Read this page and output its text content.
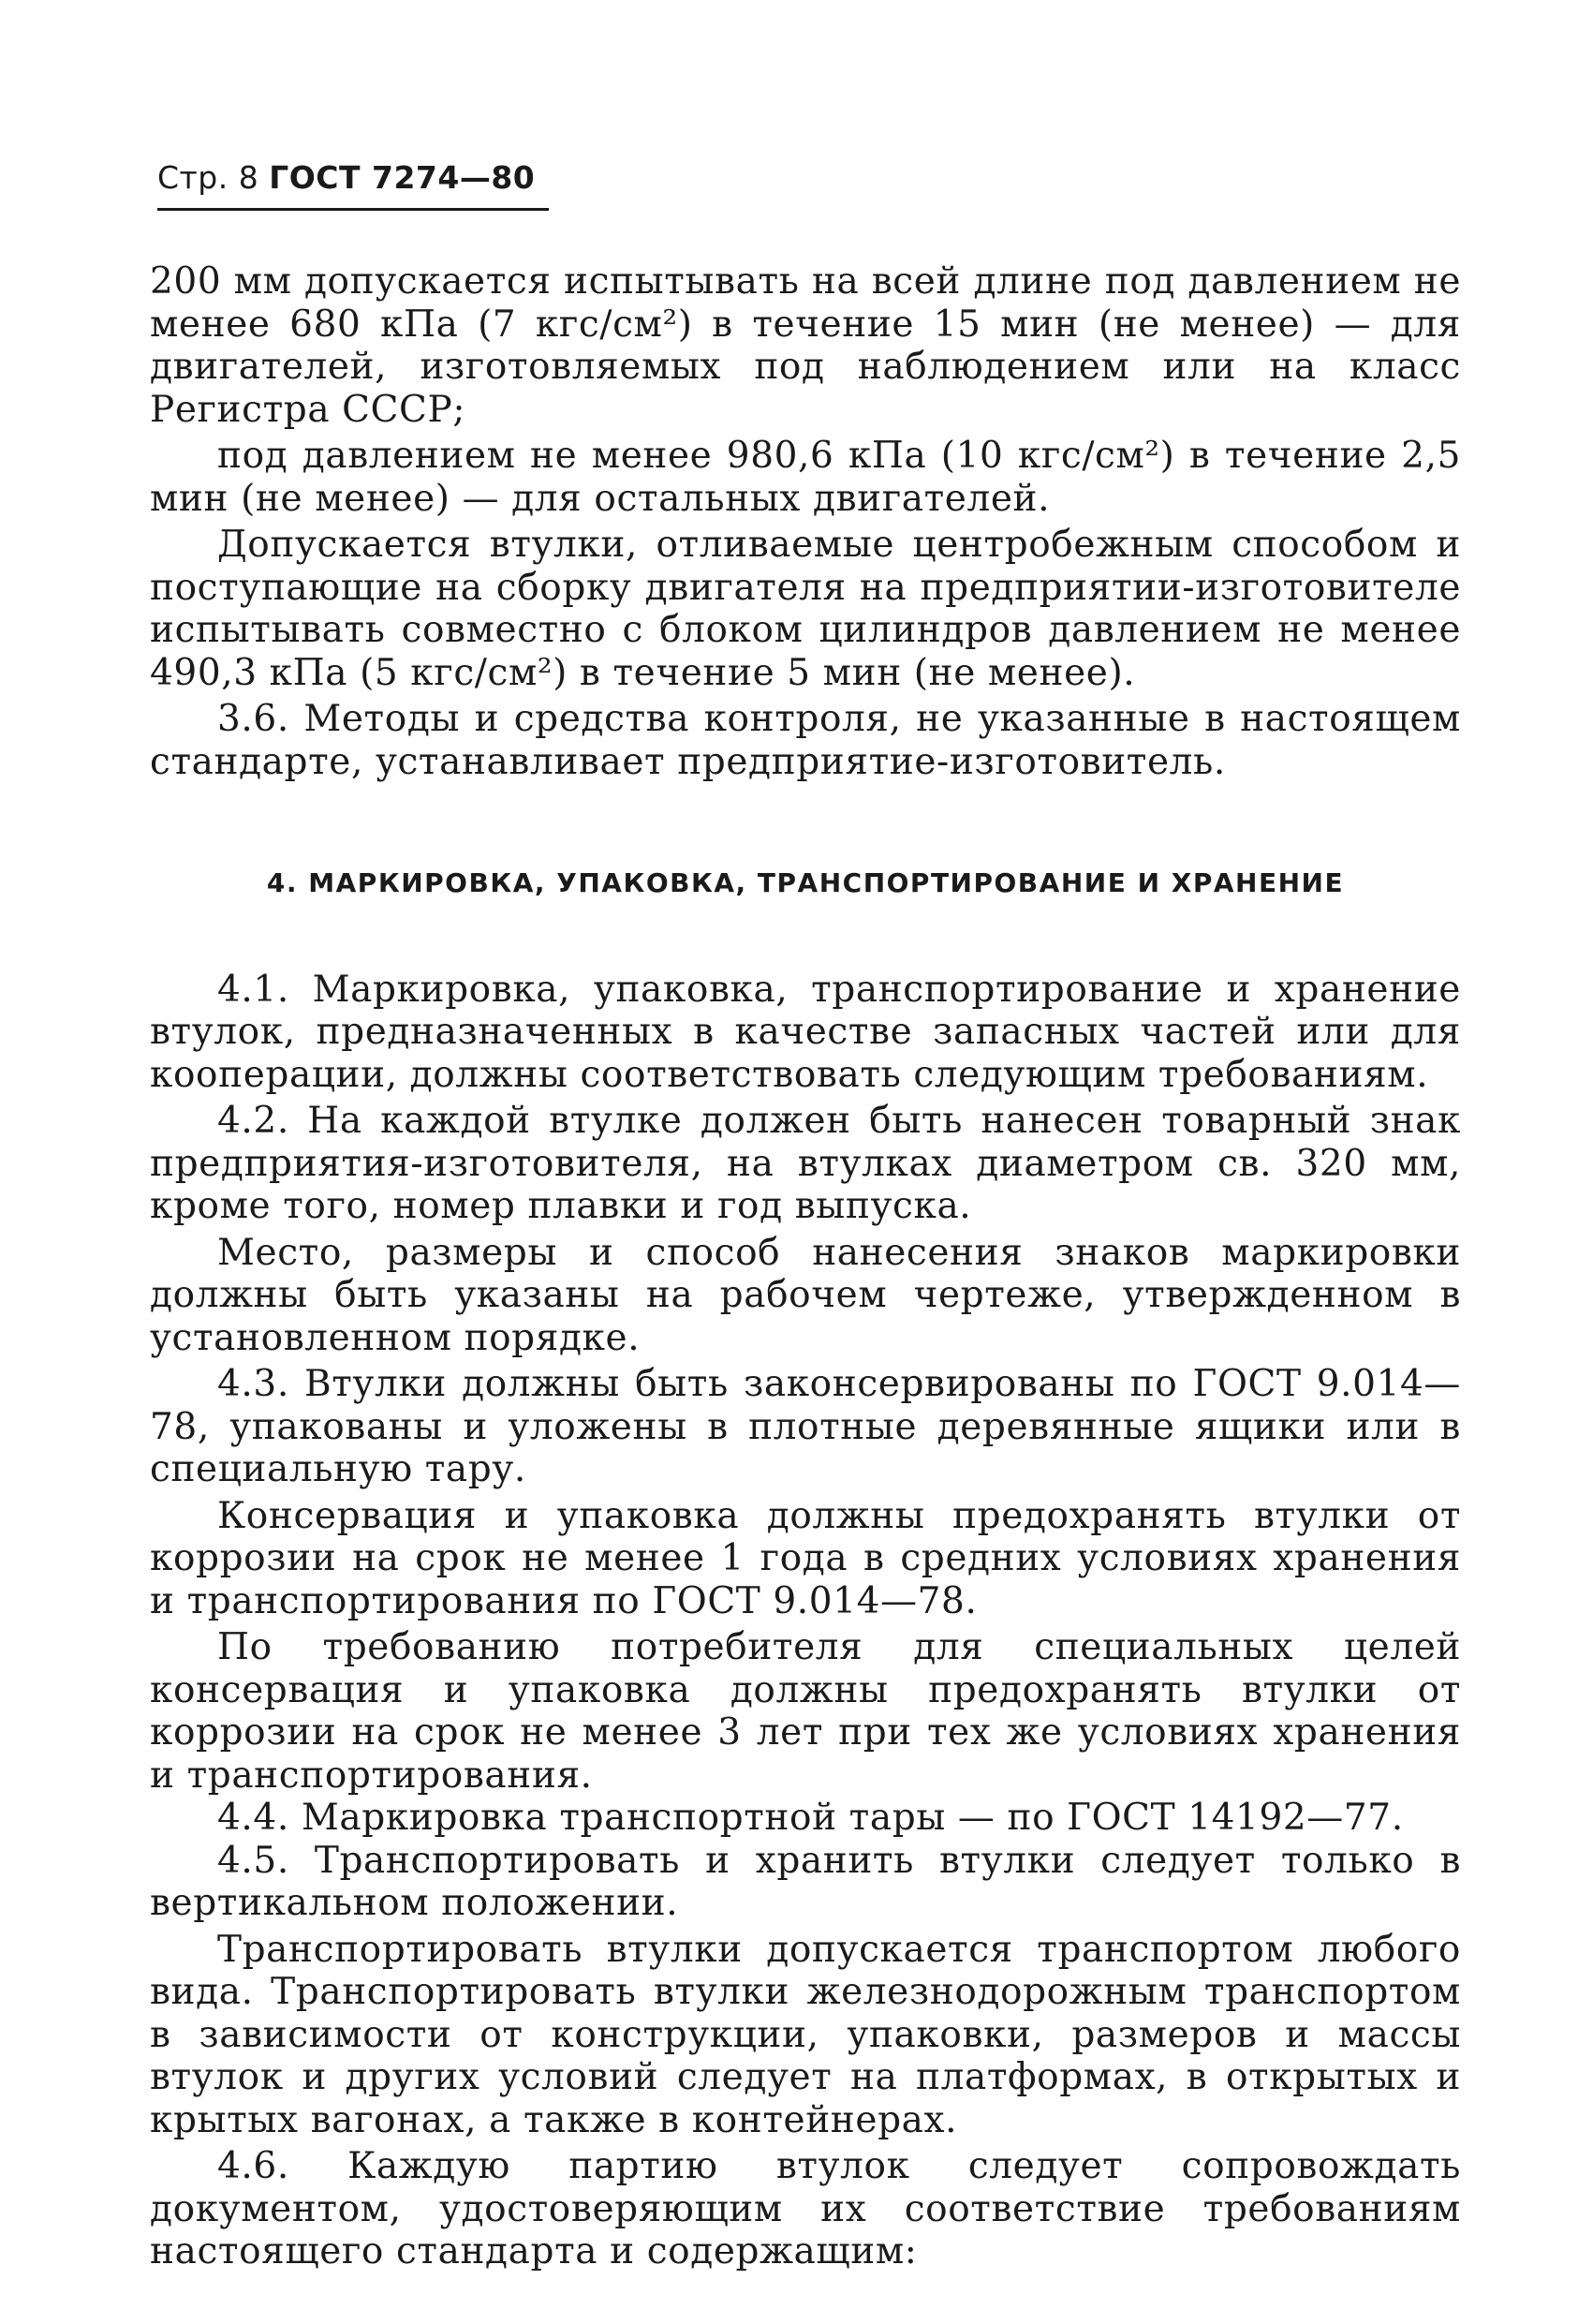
Стр. 8 ГОСТ 7274—80

200 мм допускается испытывать на всей длине под давлением не менее 680 кПа (7 кгс/см²) в течение 15 мин (не менее) — для двигателей, изготовляемых под наблюдением или на класс Регистра СССР;

под давлением не менее 980,6 кПа (10 кгс/см²) в течение 2,5 мин (не менее) — для остальных двигателей.

Допускается втулки, отливаемые центробежным способом и поступающие на сборку двигателя на предприятии-изготовителе испытывать совместно с блоком цилиндров давлением не менее 490,3 кПа (5 кгс/см²) в течение 5 мин (не менее).

3.6. Методы и средства контроля, не указанные в настоящем стандарте, устанавливает предприятие-изготовитель.

4. МАРКИРОВКА, УПАКОВКА, ТРАНСПОРТИРОВАНИЕ И ХРАНЕНИЕ

4.1. Маркировка, упаковка, транспортирование и хранение втулок, предназначенных в качестве запасных частей или для кооперации, должны соответствовать следующим требованиям.

4.2. На каждой втулке должен быть нанесен товарный знак предприятия-изготовителя, на втулках диаметром св. 320 мм, кроме того, номер плавки и год выпуска.

Место, размеры и способ нанесения знаков маркировки должны быть указаны на рабочем чертеже, утвержденном в установленном порядке.

4.3. Втулки должны быть законсервированы по ГОСТ 9.014—78, упакованы и уложены в плотные деревянные ящики или в специальную тару.

Консервация и упаковка должны предохранять втулки от коррозии на срок не менее 1 года в средних условиях хранения и транспортирования по ГОСТ 9.014—78.

По требованию потребителя для специальных целей консервация и упаковка должны предохранять втулки от коррозии на срок не менее 3 лет при тех же условиях хранения и транспортирования.

4.4. Маркировка транспортной тары — по ГОСТ 14192—77.

4.5. Транспортировать и хранить втулки следует только в вертикальном положении.

Транспортировать втулки допускается транспортом любого вида. Транспортировать втулки железнодорожным транспортом в зависимости от конструкции, упаковки, размеров и массы втулок и других условий следует на платформах, в открытых и крытых вагонах, а также в контейнерах.

4.6. Каждую партию втулок следует сопровождать документом, удостоверяющим их соответствие требованиям настоящего стандарта и содержащим:
